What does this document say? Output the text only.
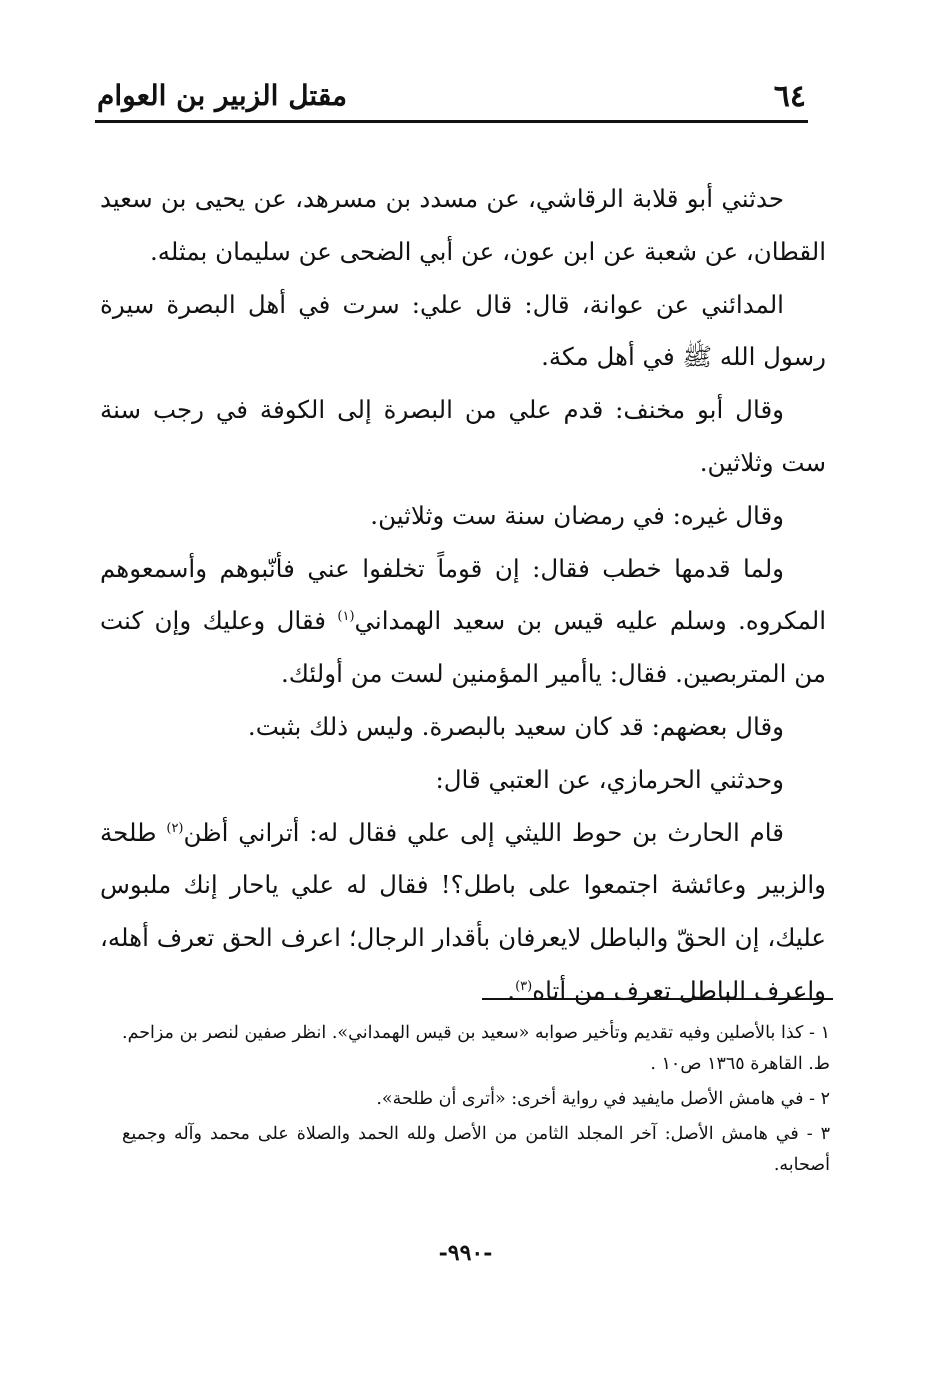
٦٤
مقتل الزبير بن العوام

حدثني أبو قلابة الرقاشي، عن مسدد بن مسرهد، عن يحيى بن سعيد القطان، عن شعبة عن ابن عون، عن أبي الضحى عن سليمان بمثله.

المدائني عن عوانة، قال: قال علي: سرت في أهل البصرة سيرة رسول الله ﷺ في أهل مكة.

وقال أبو مخنف: قدم علي من البصرة إلى الكوفة في رجب سنة ست وثلاثين.

وقال غيره: في رمضان سنة ست وثلاثين.

ولما قدمها خطب فقال: إن قوماً تخلفوا عني فأنّبوهم وأسمعوهم المكروه. وسلم عليه قيس بن سعيد الهمداني$^{(١)}$ فقال وعليك وإن كنت من المتربصين. فقال: ياأمير المؤمنين لست من أولئك.

وقال بعضهم: قد كان سعيد بالبصرة. وليس ذلك بثبت.

وحدثني الحرمازي، عن العتبي قال:

قام الحارث بن حوط الليثي إلى علي فقال له: أتراني أظن$^{(٢)}$ طلحة والزبير وعائشة اجتمعوا على باطل؟! فقال له علي ياحار إنك ملبوس عليك، إن الحقّ والباطل لايعرفان بأقدار الرجال؛ اعرف الحق تعرف أهله، واعرف الباطل تعرف من أتاه$^{(٣)}$.

١ - كذا بالأصلين وفيه تقديم وتأخير صوابه «سعيد بن قيس الهمداني». انظر صفين لنصر بن مزاحم. ط. القاهرة ١٣٦٥ ص١٠ .

٢ - في هامش الأصل مايفيد في رواية أخرى: «أترى أن طلحة».

٣ - في هامش الأصل: آخر المجلد الثامن من الأصل ولله الحمد والصلاة على محمد وآله وجميع أصحابه.

-٩٩٠-
